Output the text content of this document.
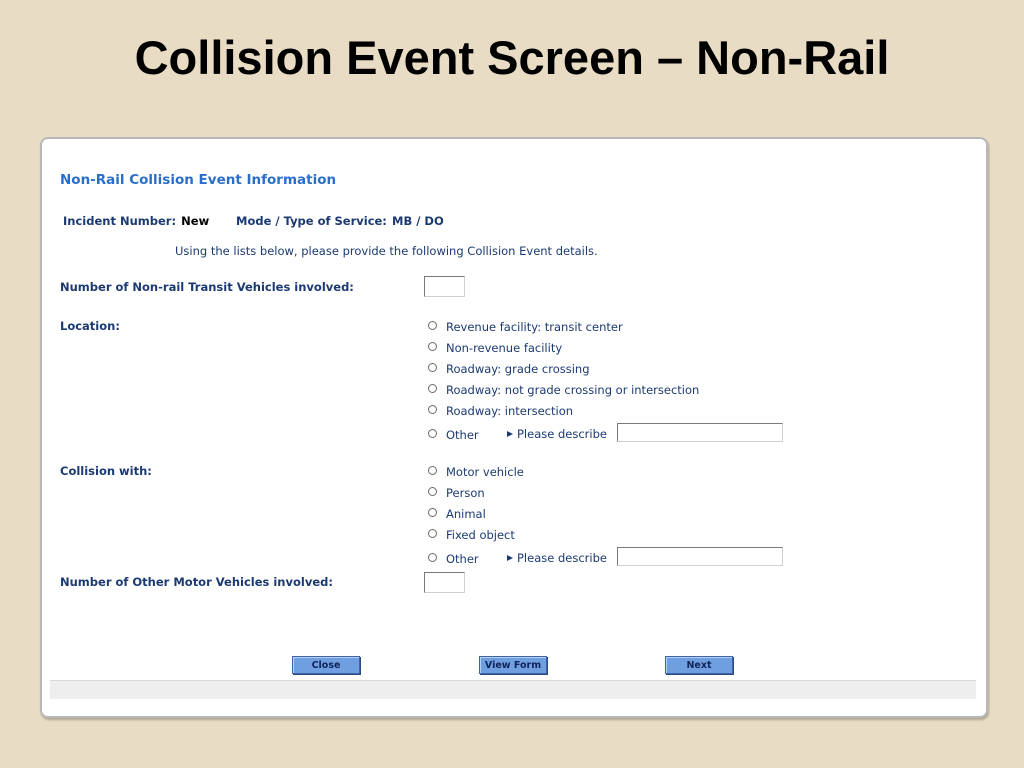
Collision Event Screen – Non-Rail
Non-Rail Collision Event Information
Incident Number: New Mode / Type of Service: MB / DO
Using the lists below, please provide the following Collision Event details.
Number of Non-rail Transit Vehicles involved:
Location:	Revenue facility: transit center
Non-revenue facility
Roadway: grade crossing
Roadway: not grade crossing or intersection
Roadway: intersection
Other	Please describe
Collision with:	Motor vehicle
Person
Animal
Fixed object
Other	Please describe
Number of Other Motor Vehicles involved:
Close	View Form	Next
